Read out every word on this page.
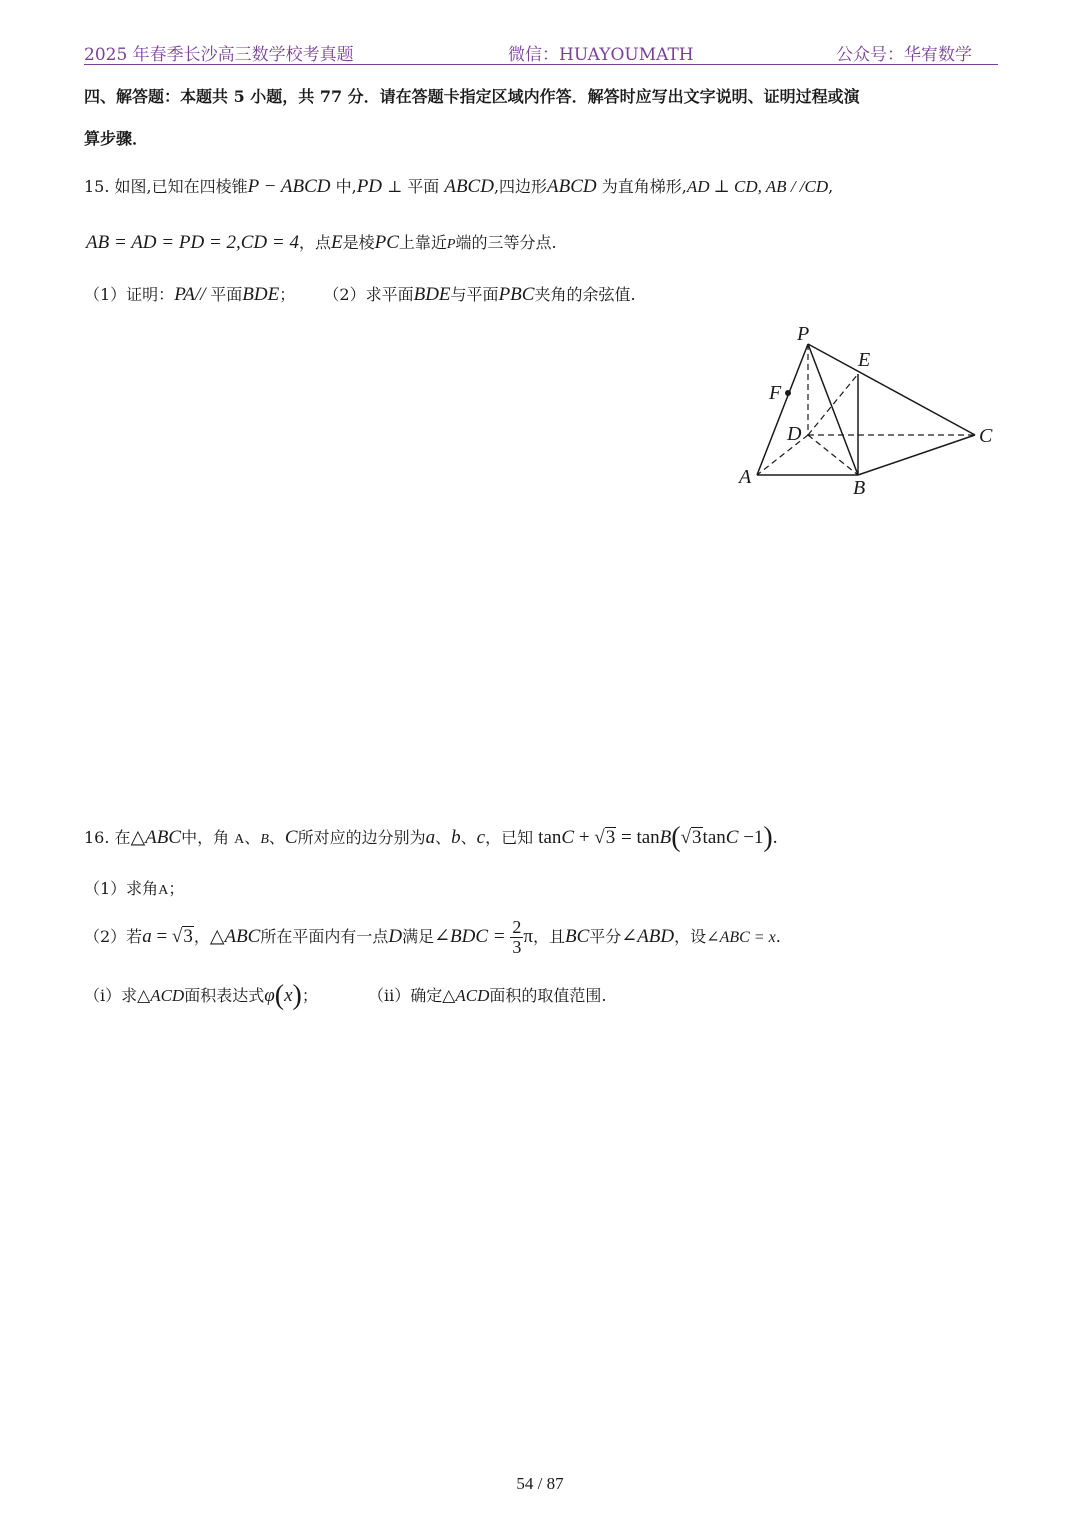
2025 年春季长沙高三数学校考真题	微信：HUAYOUMATH	公众号：华宥数学
四、解答题：本题共 5 小题，共 77 分．请在答题卡指定区域内作答．解答时应写出文字说明、证明过程或演
算步骤．
15. 如图,已知在四棱锥P − ABCD 中,PD ⊥ 平面 ABCD,四边形ABCD 为直角梯形,AD ⊥ CD, AB / /CD,
AB = AD = PD = 2,CD = 4，点E是棱PC上靠近P端的三等分点.
（1）证明：PA// 平面BDE； （2）求平面BDE与平面PBC夹角的余弦值.
P
E
F
D	C
A	B
16. 在△ABC中，角 A、B、C所对应的边分别为a、b、c，已知 tanC + √3 = tanB(√3tanC −1).
（1）求角A；
（2）若a = √3，△ABC所在平面内有一点D满足∠BDC = $\frac{2}{3}$ π，且BC平分∠ABD，设∠ABC = x.
（i）求△ACD面积表达式φ(x)；	（ii）确定△ACD面积的取值范围.
54 / 87
